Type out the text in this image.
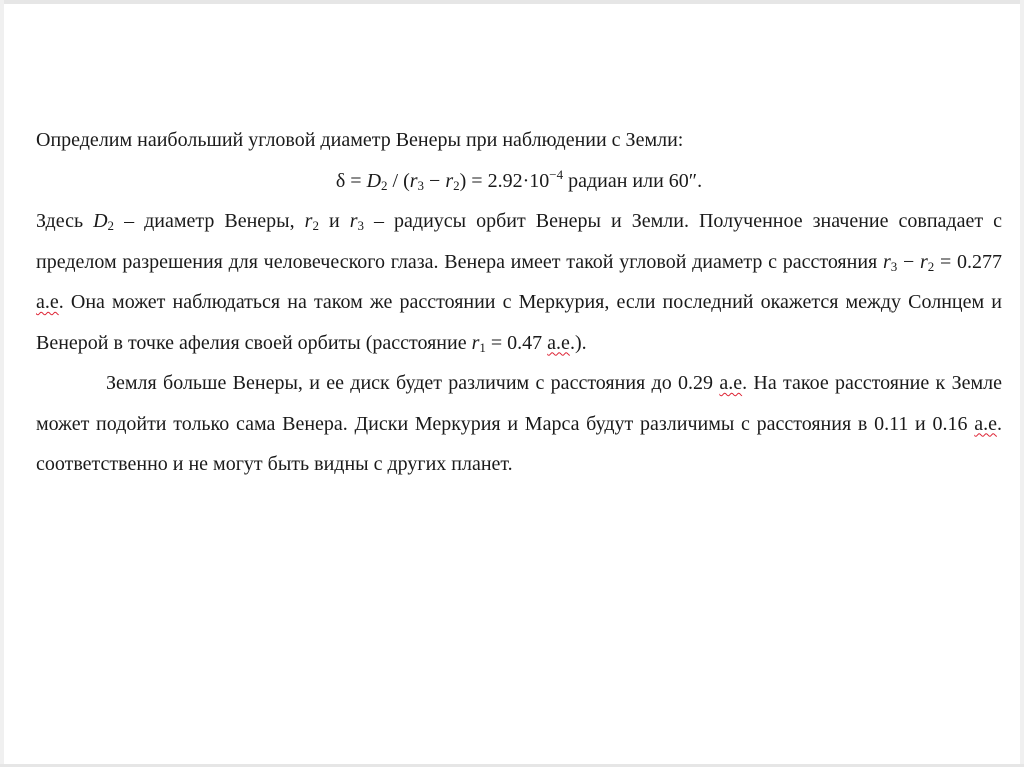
Определим наибольший угловой диаметр Венеры при наблюдении с Земли:

$\delta = D_2 / (r_3 - r_2) = 2.92\cdot 10^{-4}$ радиан или 60″.

Здесь $D_2$ – диаметр Венеры, $r_2$ и $r_3$ – радиусы орбит Венеры и Земли. Полученное значение совпадает с пределом разрешения для человеческого глаза. Венера имеет такой угловой диаметр с расстояния $r_3 - r_2 = 0.277$ а.е. Она может наблюдаться на таком же расстоянии с Меркурия, если последний окажется между Солнцем и Венерой в точке афелия своей орбиты (расстояние $r_1 = 0.47$ а.е.).

Земля больше Венеры, и ее диск будет различим с расстояния до 0.29 а.е. На такое расстояние к Земле может подойти только сама Венера. Диски Меркурия и Марса будут различимы с расстояния в 0.11 и 0.16 а.е. соответственно и не могут быть видны с других планет.
